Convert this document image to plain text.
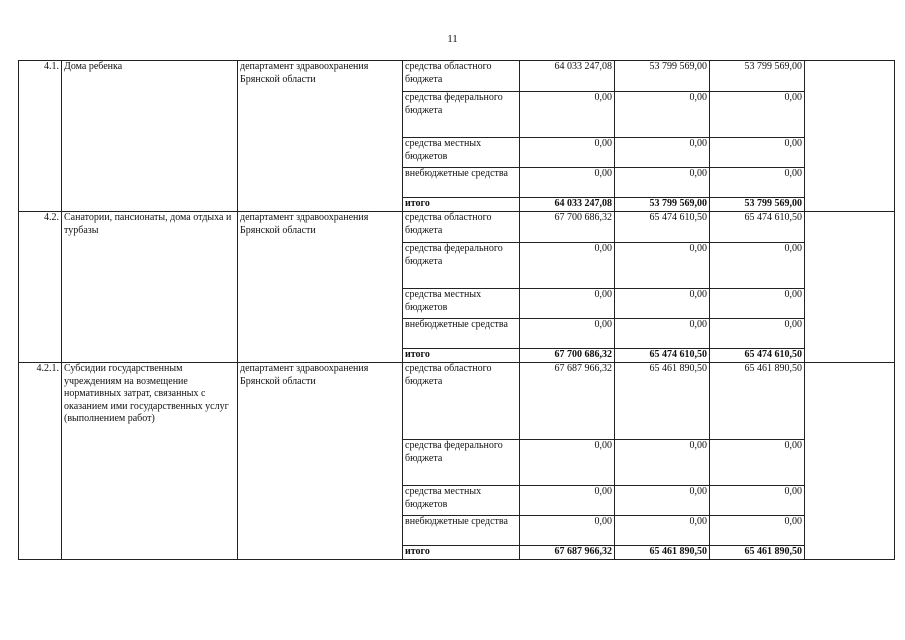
11
4.1.	Дома ребенка	департамент здравоохранения Брянской области	средства областного бюджета	64 033 247,08	53 799 569,00	53 799 569,00	
			средства федерального бюджета	0,00	0,00	0,00	
			средства местных бюджетов	0,00	0,00	0,00	
			внебюджетные средства	0,00	0,00	0,00	
			итого	64 033 247,08	53 799 569,00	53 799 569,00	
4.2.	Санатории, пансионаты, дома отдыха и турбазы	департамент здравоохранения Брянской области	средства областного бюджета	67 700 686,32	65 474 610,50	65 474 610,50	
			средства федерального бюджета	0,00	0,00	0,00	
			средства местных бюджетов	0,00	0,00	0,00	
			внебюджетные средства	0,00	0,00	0,00	
			итого	67 700 686,32	65 474 610,50	65 474 610,50	
4.2.1.	Субсидии государственным учреждениям на возмещение нормативных затрат, связанных с оказанием ими государственных услуг (выполнением работ)	департамент здравоохранения Брянской области	средства областного бюджета	67 687 966,32	65 461 890,50	65 461 890,50	
			средства федерального бюджета	0,00	0,00	0,00	
			средства местных бюджетов	0,00	0,00	0,00	
			внебюджетные средства	0,00	0,00	0,00	
			итого	67 687 966,32	65 461 890,50	65 461 890,50	
